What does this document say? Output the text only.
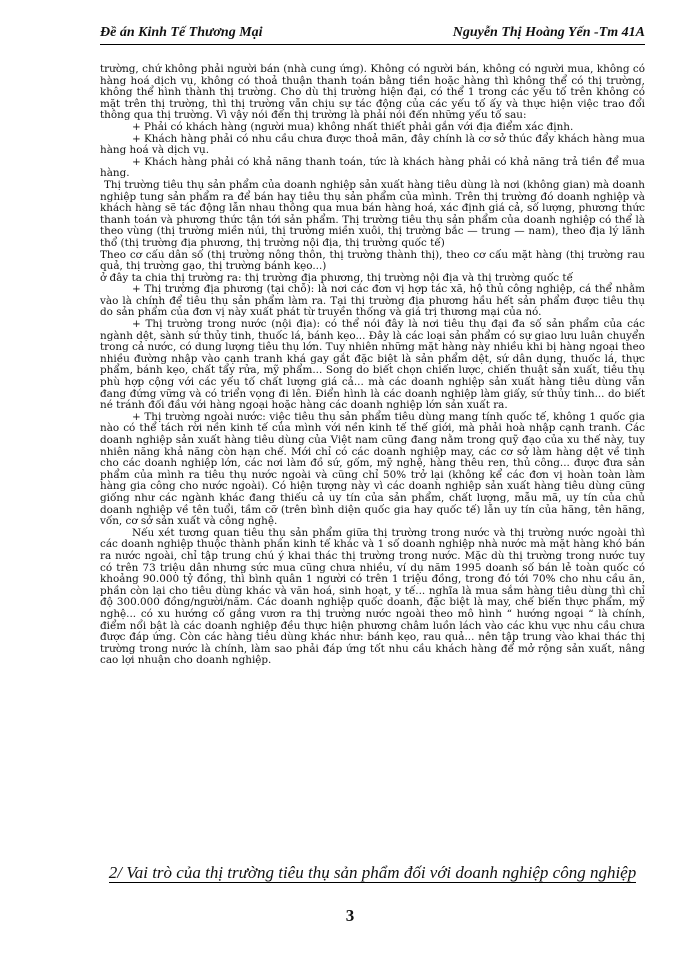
Đề án Kinh Tế Thương Mại	Nguyễn Thị Hoàng Yến -Tm 41A

trường, chứ không phải người bán (nhà cung ứng). Không có người bán, không có người mua, không có hàng hoá dịch vụ, không có thoả thuận thanh toán bằng tiền hoặc hàng thì không thể có thị trường, không thể hình thành thị trường. Cho dù thị trường hiện đại, có thể 1 trong các yếu tố trên không có mặt trên thị trường, thì thị trường vẫn chịu sự tác động của các yếu tố ấy và thực hiện việc trao đổi thông qua thị trường. Vì vậy nói đến thị trường là phải nói đến những yếu tố sau:

+ Phải có khách hàng (người mua) không nhất thiết phải gắn với địa điểm xác định.

+ Khách hàng phải có nhu cầu chưa được thoả mãn, đây chính là cơ sở thúc đẩy khách hàng mua hàng hoá và dịch vụ.

+ Khách hàng phải có khả năng thanh toán, tức là khách hàng phải có khả năng trả tiền để mua hàng.

Thị trường tiêu thụ sản phẩm của doanh nghiệp sản xuất hàng tiêu dùng là nơi (không gian) mà doanh nghiệp tung sản phẩm ra để bán hay tiêu thụ sản phẩm của mình. Trên thị trường đó doanh nghiệp và khách hàng sẽ tác động lẫn nhau thông qua mua bán hàng hoá, xác định giá cả, số lượng, phương thức thanh toán và phương thức tận tới sản phẩm. Thị trường tiêu thụ sản phẩm của doanh nghiệp có thể là theo vùng (thị trường miền núi, thị trường miền xuôi, thị trường bắc — trung — nam), theo địa lý lãnh thổ (thị trường địa phương, thị trường nội địa, thị trường quốc tế)

Theo cơ cấu dân số (thị trường nông thôn, thị trường thành thị), theo cơ cấu mặt hàng (thị trường rau quả, thị trường gạo, thị trường bánh kẹo...)

ở đây ta chia thị trường ra: thị trường địa phương, thị trường nội địa và thị trường quốc tế

+ Thị trường địa phương (tại chỗ): là nơi các đơn vị hợp tác xã, hộ thủ công nghiệp, cá thể nhằm vào là chính để tiêu thụ sản phẩm làm ra. Tại thị trường địa phương hầu hết sản phẩm được tiêu thụ do sản phẩm của đơn vị này xuất phát từ truyền thống và giá trị thương mại của nó.

+ Thị trường trong nước (nội địa): có thể nói đây là nơi tiêu thụ đại đa số sản phẩm của các ngành dệt, sành sứ thủy tinh, thuốc lá, bánh kẹo... Đây là các loại sản phẩm có sự giao lưu luân chuyển trong cả nước, có dung lượng tiêu thụ lớn. Tuy nhiên những mặt hàng này nhiều khi bị hàng ngoại theo nhiều đường nhập vào cạnh tranh khá gay gắt đặc biệt là sản phẩm dệt, sứ dân dụng, thuốc lá, thực phẩm, bánh kẹo, chất tẩy rửa, mỹ phẩm... Song do biết chọn chiến lược, chiến thuật sản xuất, tiêu thụ phù hợp cộng với các yếu tố chất lượng giá cả... mà các doanh nghiệp sản xuất hàng tiêu dùng vẫn đang đứng vững và có triển vọng đi lên. Điển hình là các doanh nghiệp làm giấy, sứ thủy tinh... do biết né tránh đối đầu với hàng ngoại hoặc hàng các doanh nghiệp lớn sản xuất ra.

+ Thị trường ngoài nước: việc tiêu thụ sản phẩm tiêu dùng mang tính quốc tế, không 1 quốc gia nào có thể tách rời nền kinh tế của mình với nền kinh tế thế giới, mà phải hoà nhập cạnh tranh. Các doanh nghiệp sản xuất hàng tiêu dùng của Việt nam cũng đang nằm trong quỹ đạo của xu thế này, tuy nhiên năng khả năng còn hạn chế. Mới chỉ có các doanh nghiệp may, các cơ sở làm hàng dệt về tinh cho các doanh nghiệp lớn, các nơi làm đồ sứ, gốm, mỹ nghệ, hàng thêu ren, thủ công... được đưa sản phẩm của mình ra tiêu thụ nước ngoài và cũng chỉ 50% trở lại (không kể các đơn vị hoàn toàn làm hàng gia công cho nước ngoài). Có hiện tượng này vì các doanh nghiệp sản xuất hàng tiêu dùng cũng giống như các ngành khác đang thiếu cả uy tín của sản phẩm, chất lượng, mẫu mã, uy tín của chủ doanh nghiệp về tên tuổi, tầm cỡ (trên bình diện quốc gia hay quốc tế) lẫn uy tín của hãng, tên hãng, vốn, cơ sở sản xuất và công nghệ.

Nếu xét tương quan tiêu thụ sản phẩm giữa thị trường trong nước và thị trường nước ngoài thì các doanh nghiệp thuộc thành phần kinh tế khác và 1 số doanh nghiệp nhà nước mà mặt hàng khó bán ra nước ngoài, chỉ tập trung chú ý khai thác thị trường trong nước. Mặc dù thị trường trong nước tuy có trên 73 triệu dân nhưng sức mua cũng chưa nhiều, ví dụ năm 1995 doanh số bán lẻ toàn quốc có khoảng 90.000 tỷ đồng, thì bình quân 1 người có trên 1 triệu đồng, trong đó tới 70% cho nhu cầu ăn, phần còn lại cho tiêu dùng khác và văn hoá, sinh hoạt, y tế... nghĩa là mua sắm hàng tiêu dùng thì chỉ độ 300.000 đồng/người/năm. Các doanh nghiệp quốc doanh, đặc biệt là may, chế biến thực phẩm, mỹ nghệ... có xu hướng cố gắng vươn ra thị trường nước ngoài theo mô hình “ hướng ngoại “ là chính, điểm nổi bật là các doanh nghiệp đều thực hiện phương châm luồn lách vào các khu vực nhu cầu chưa được đáp ứng. Còn các hàng tiêu dùng khác như: bánh kẹo, rau quả... nên tập trung vào khai thác thị trường trong nước là chính, làm sao phải đáp ứng tốt nhu cầu khách hàng để mở rộng sản xuất, nâng cao lợi nhuận cho doanh nghiệp.

2/ Vai trò của thị trường tiêu thụ sản phẩm đối với doanh nghiệp công nghiệp
3
